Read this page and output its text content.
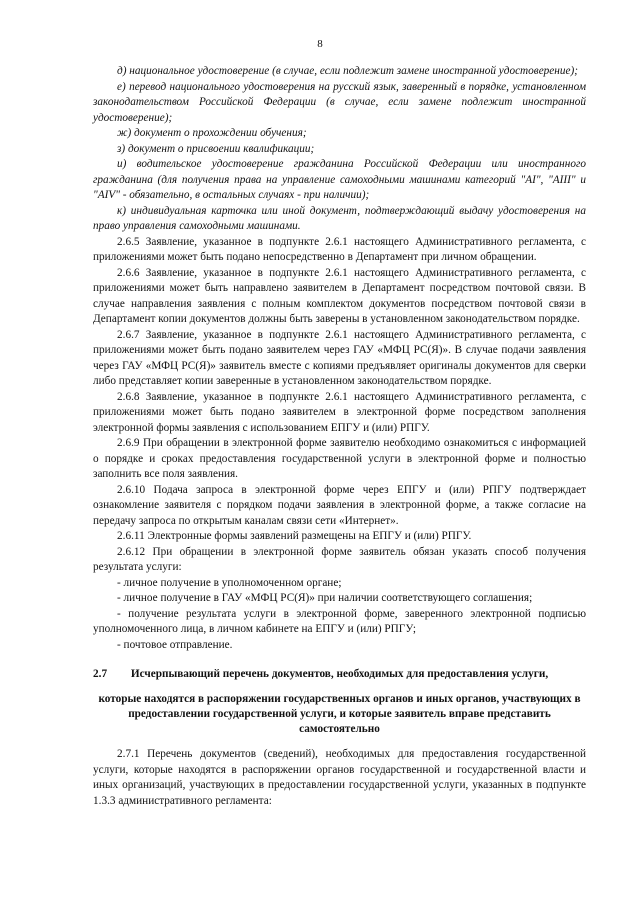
8

д) национальное удостоверение (в случае, если подлежит замене иностранной удостоверение);

е) перевод национального удостоверения на русский язык, заверенный в порядке, установленном законодательством Российской Федерации (в случае, если замене подлежит иностранной удостоверение);

ж) документ о прохождении обучения;

з) документ о присвоении квалификации;

и) водительское удостоверение гражданина Российской Федерации или иностранного гражданина (для получения права на управление самоходными машинами категорий "AI", "AIII" и "AIV" - обязательно, в остальных случаях - при наличии);

к) индивидуальная карточка или иной документ, подтверждающий выдачу удостоверения на право управления самоходными машинами.

2.6.5 Заявление, указанное в подпункте 2.6.1 настоящего Административного регламента, с приложениями может быть подано непосредственно в Департамент при личном обращении.

2.6.6 Заявление, указанное в подпункте 2.6.1 настоящего Административного регламента, с приложениями может быть направлено заявителем в Департамент посредством почтовой связи. В случае направления заявления с полным комплектом документов посредством почтовой связи в Департамент копии документов должны быть заверены в установленном законодательством порядке.

2.6.7 Заявление, указанное в подпункте 2.6.1 настоящего Административного регламента, с приложениями может быть подано заявителем через ГАУ «МФЦ РС(Я)». В случае подачи заявления через ГАУ «МФЦ РС(Я)» заявитель вместе с копиями предъявляет оригиналы документов для сверки либо представляет копии заверенные в установленном законодательством порядке.

2.6.8 Заявление, указанное в подпункте 2.6.1 настоящего Административного регламента, с приложениями может быть подано заявителем в электронной форме посредством заполнения электронной формы заявления с использованием ЕПГУ и (или) РПГУ.

2.6.9 При обращении в электронной форме заявителю необходимо ознакомиться с информацией о порядке и сроках предоставления государственной услуги в электронной форме и полностью заполнить все поля заявления.

2.6.10 Подача запроса в электронной форме через ЕПГУ и (или) РПГУ подтверждает ознакомление заявителя с порядком подачи заявления в электронной форме, а также согласие на передачу запроса по открытым каналам связи сети «Интернет».

2.6.11 Электронные формы заявлений размещены на ЕПГУ и (или) РПГУ.

2.6.12 При обращении в электронной форме заявитель обязан указать способ получения результата услуги:

- личное получение в уполномоченном органе;

- личное получение в ГАУ «МФЦ РС(Я)» при наличии соответствующего соглашения;

- получение результата услуги в электронной форме, заверенного электронной подписью уполномоченного лица, в личном кабинете на ЕПГУ и (или) РПГУ;

- почтовое отправление.

2.7 Исчерпывающий перечень документов, необходимых для предоставления услуги,

которые находятся в распоряжении государственных органов и иных органов, участвующих в предоставлении государственной услуги, и которые заявитель вправе представить самостоятельно

2.7.1 Перечень документов (сведений), необходимых для предоставления государственной услуги, которые находятся в распоряжении органов государственной и государственной власти и иных организаций, участвующих в предоставлении государственной услуги, указанных в подпункте 1.3.3 административного регламента:
